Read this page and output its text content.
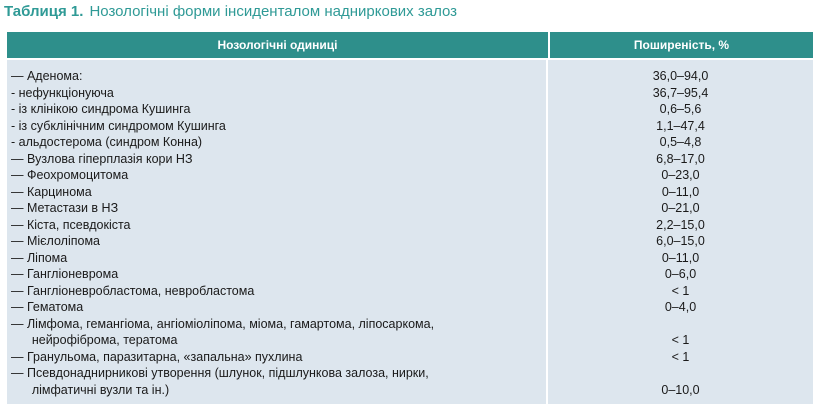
Таблиця 1. Нозологічні форми інсиденталом надниркових залоз
Нозологічні одиниці	Поширеність, %
— Аденома:
- нефункціонуюча
- із клінікою синдрома Кушинга
- із субклінічним синдромом Кушинга
- альдостерома (синдром Конна)
— Вузлова гіперплазія кори НЗ
— Феохромоцитома
— Карцинома
— Метастази в НЗ
— Кіста, псевдокіста
— Мієлоліпома
— Ліпома
— Гангліоневрома
— Гангліоневробластома, невробластома
— Гематома
— Лімфома, гемангіома, ангіоміоліпома, міома, гамартома, ліпосаркома,
нейрофіброма, тератома
— Гранульома, паразитарна, «запальна» пухлина
— Псевдонаднирникові утворення (шлунок, підшлункова залоза, нирки,
лімфатичні вузли та ін.)
36,0–94,0
36,7–95,4
0,6–5,6
1,1–47,4
0,5–4,8
6,8–17,0
0–23,0
0–11,0
0–21,0
2,2–15,0
6,0–15,0
0–11,0
0–6,0
< 1
0–4,0
< 1
< 1
0–10,0
